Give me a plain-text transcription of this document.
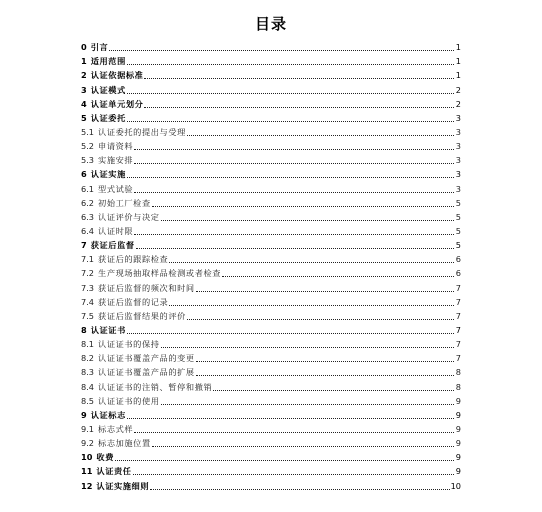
目录
0 引言	1
1 适用范围	1
2 认证依据标准	1
3 认证模式	2
4 认证单元划分	2
5 认证委托	3
5.1 认证委托的提出与受理	3
5.2 申请资料	3
5.3 实施安排	3
6 认证实施	3
6.1 型式试验	3
6.2 初始工厂检查	5
6.3 认证评价与决定	5
6.4 认证时限	5
7 获证后监督	5
7.1 获证后的跟踪检查	6
7.2 生产现场抽取样品检测或者检查	6
7.3 获证后监督的频次和时间	7
7.4 获证后监督的记录	7
7.5 获证后监督结果的评价	7
8 认证证书	7
8.1 认证证书的保持	7
8.2 认证证书覆盖产品的变更	7
8.3 认证证书覆盖产品的扩展	8
8.4 认证证书的注销、暂停和撤销	8
8.5 认证证书的使用	9
9 认证标志	9
9.1 标志式样	9
9.2 标志加施位置	9
10 收费	9
11 认证责任	9
12 认证实施细则	10
